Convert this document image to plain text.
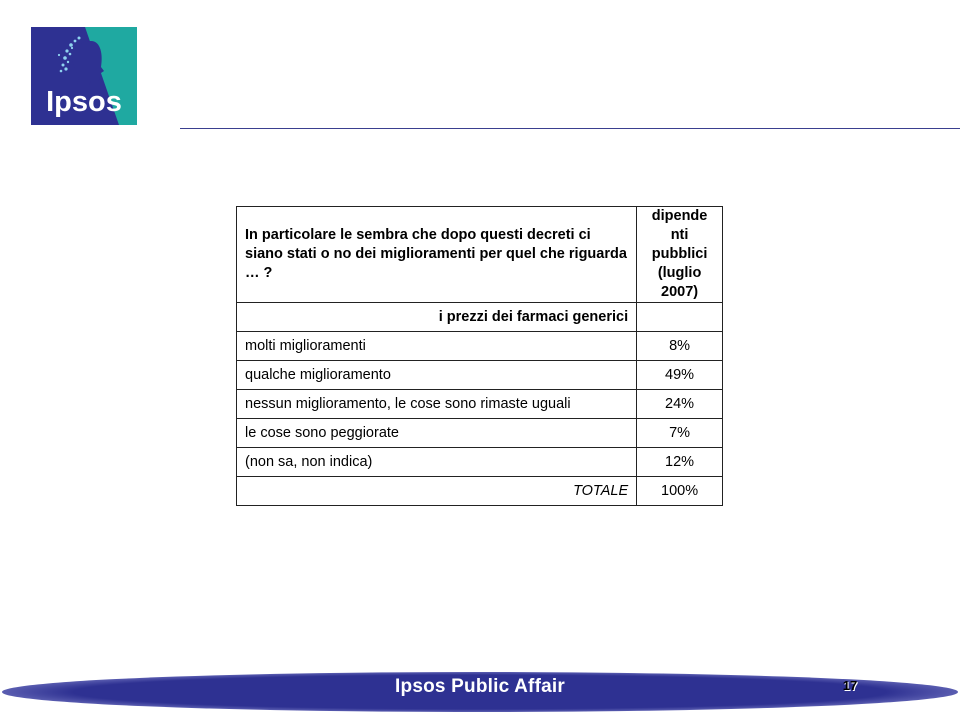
Ipsos
In particolare le sembra che dopo questi decreti ci siano stati o no dei miglioramenti per quel che riguarda … ?	dipende nti pubblici (luglio 2007)
i prezzi dei farmaci generici	
molti miglioramenti	8%
qualche miglioramento	49%
nessun miglioramento, le cose sono rimaste uguali	24%
le cose sono peggiorate	7%
(non sa, non indica)	12%
TOTALE	100%
Ipsos Public Affair	17
